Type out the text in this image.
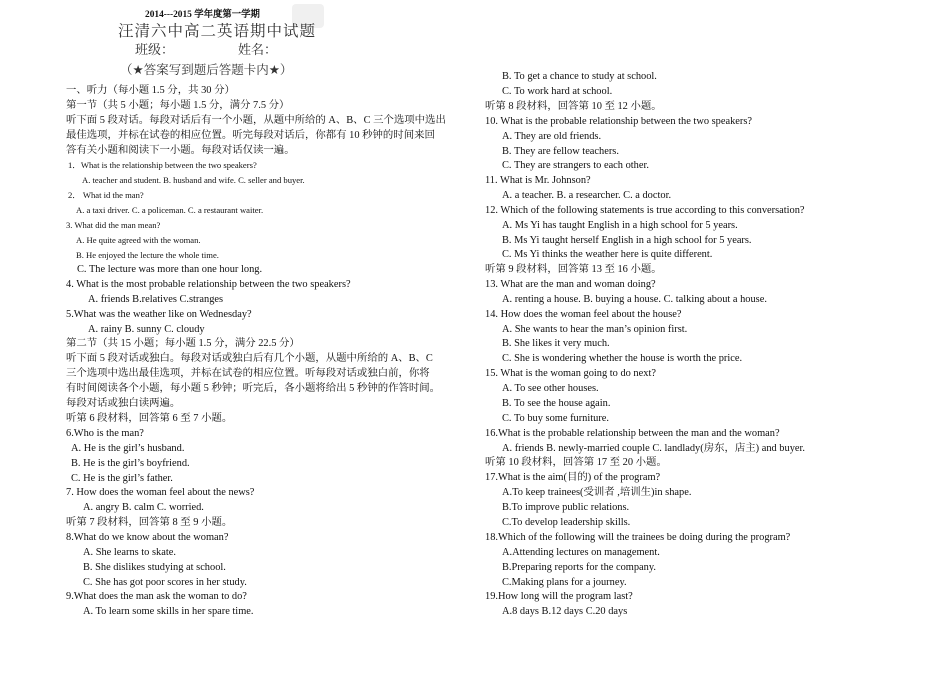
2014---2015 学年度第一学期
汪清六中高二英语期中试题
班级：	姓名：
（★答案写到题后答题卡内★）
一、听力（每小题 1.5 分，共 30 分）
第一节（共 5 小题；每小题 1.5 分，满分 7.5 分）
听下面 5 段对话。每段对话后有一个小题，从题中所给的 A、B、C 三个选项中选出
最佳选项，并标在试卷的相应位置。听完每段对话后，你都有 10 秒钟的时间来回
答有关小题和阅读下一小题。每段对话仅读一遍。
1．What is the relationship between the two speakers?
A. teacher and student. B. husband and wife. C. seller and buyer.
2． What id the man?
A. a taxi driver. C. a policeman. C. a restaurant waiter.
3. What did the man mean?
A. He quite agreed with the woman.
B. He enjoyed the lecture the whole time.
C. The lecture was more than one hour long.
4. What is the most probable relationship between the two speakers?
A. friends B.relatives C.stranges
5.What was the weather like on Wednesday?
A. rainy B. sunny C. cloudy
第二节（共 15 小题；每小题 1.5 分，满分 22.5 分）
听下面 5 段对话或独白。每段对话或独白后有几个小题，从题中所给的 A、B、C
三个选项中选出最佳选项，并标在试卷的相应位置。听每段对话或独白前，你将
有时间阅读各个小题，每小题 5 秒钟；听完后，各小题将给出 5 秒钟的作答时间。
每段对话或独白读两遍。
听第 6 段材料，回答第 6 至 7 小题。
6.Who is the man?
A. He is the girl’s husband.
B. He is the girl’s boyfriend.
C. He is the girl’s father.
7. How does the woman feel about the news?
A. angry B. calm C. worried.
听第 7 段材料，回答第 8 至 9 小题。
8.What do we know about the woman?
A. She learns to skate.
B. She dislikes studying at school.
C. She has got poor scores in her study.
9.What does the man ask the woman to do?
A. To learn some skills in her spare time.
B. To get a chance to study at school.
C. To work hard at school.
听第 8 段材料，回答第 10 至 12 小题。
10. What is the probable relationship between the two speakers?
A. They are old friends.
B. They are fellow teachers.
C. They are strangers to each other.
11. What is Mr. Johnson?
A. a teacher. B. a researcher. C. a doctor.
12. Which of the following statements is true according to this conversation?
A. Ms Yi has taught English in a high school for 5 years.
B. Ms Yi taught herself English in a high school for 5 years.
C. Ms Yi thinks the weather here is quite different.
听第 9 段材料，回答第 13 至 16 小题。
13. What are the man and woman doing?
A. renting a house. B. buying a house. C. talking about a house.
14. How does the woman feel about the house?
A. She wants to hear the man’s opinion first.
B. She likes it very much.
C. She is wondering whether the house is worth the price.
15. What is the woman going to do next?
A. To see other houses.
B. To see the house again.
C. To buy some furniture.
16.What is the probable relationship between the man and the woman?
A. friends B. newly-married couple C. landlady(房东，店主) and buyer.
听第 10 段材料，回答第 17 至 20 小题。
17.What is the aim(目的) of the program?
A.To keep trainees(受训者 ,培训生)in shape.
B.To improve public relations.
C.To develop leadership skills.
18.Which of the following will the trainees be doing during the program?
A.Attending lectures on management.
B.Preparing reports for the company.
C.Making plans for a journey.
19.How long will the program last?
A.8 days B.12 days C.20 days
